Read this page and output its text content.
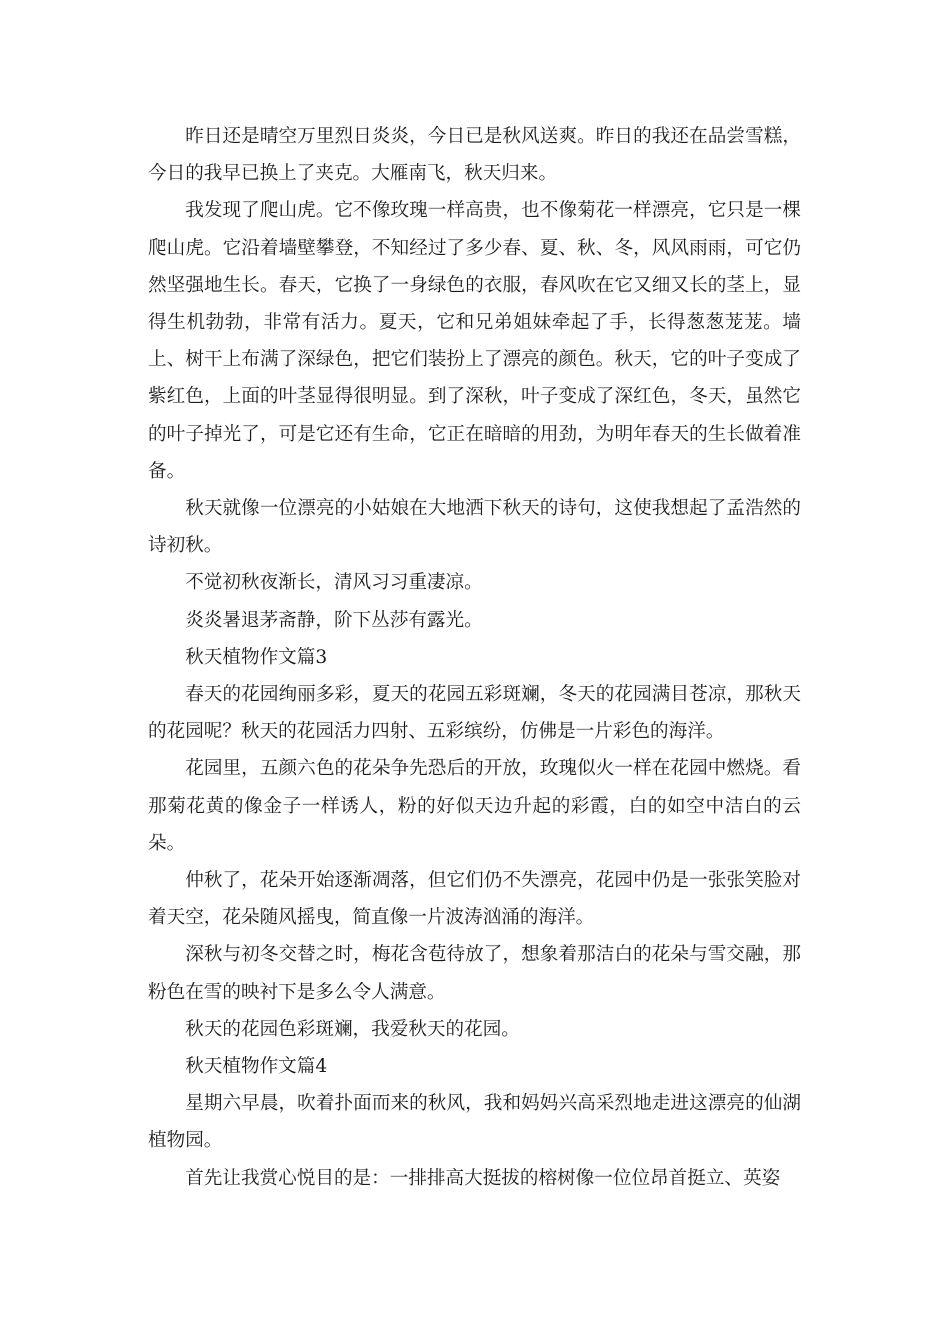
昨日还是晴空万里烈日炎炎，今日已是秋风送爽。昨日的我还在品尝雪糕，今日的我早已换上了夹克。大雁南飞，秋天归来。

我发现了爬山虎。它不像玫瑰一样高贵，也不像菊花一样漂亮，它只是一棵爬山虎。它沿着墙壁攀登，不知经过了多少春、夏、秋、冬，风风雨雨，可它仍然坚强地生长。春天，它换了一身绿色的衣服，春风吹在它又细又长的茎上，显得生机勃勃，非常有活力。夏天，它和兄弟姐妹牵起了手，长得葱葱茏茏。墙上、树干上布满了深绿色，把它们装扮上了漂亮的颜色。秋天，它的叶子变成了紫红色，上面的叶茎显得很明显。到了深秋，叶子变成了深红色，冬天，虽然它的叶子掉光了，可是它还有生命，它正在暗暗的用劲，为明年春天的生长做着准备。

秋天就像一位漂亮的小姑娘在大地洒下秋天的诗句，这使我想起了孟浩然的诗初秋。

不觉初秋夜渐长，清风习习重凄凉。

炎炎暑退茅斋静，阶下丛莎有露光。

秋天植物作文篇3

春天的花园绚丽多彩，夏天的花园五彩斑斓，冬天的花园满目苍凉，那秋天的花园呢？秋天的花园活力四射、五彩缤纷，仿佛是一片彩色的海洋。

花园里，五颜六色的花朵争先恐后的开放，玫瑰似火一样在花园中燃烧。看那菊花黄的像金子一样诱人，粉的好似天边升起的彩霞，白的如空中洁白的云朵。

仲秋了，花朵开始逐渐凋落，但它们仍不失漂亮，花园中仍是一张张笑脸对着天空，花朵随风摇曳，简直像一片波涛汹涌的海洋。

深秋与初冬交替之时，梅花含苞待放了，想象着那洁白的花朵与雪交融，那粉色在雪的映衬下是多么令人满意。

秋天的花园色彩斑斓，我爱秋天的花园。

秋天植物作文篇4

星期六早晨，吹着扑面而来的秋风，我和妈妈兴高采烈地走进这漂亮的仙湖植物园。

首先让我赏心悦目的是：一排排高大挺拔的榕树像一位位昂首挺立、英姿
